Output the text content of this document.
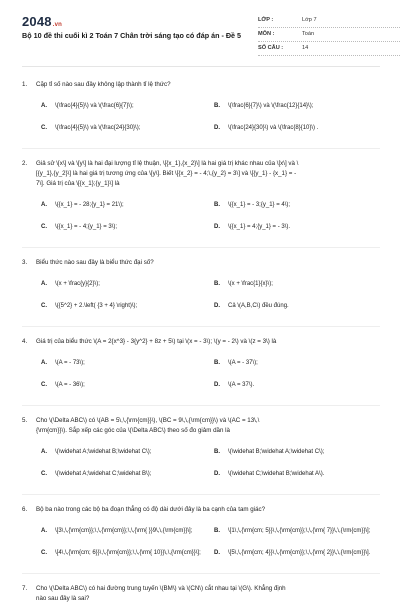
2048.vn
Bộ 10 đề thi cuối kì 2 Toán 7 Chân trời sáng tạo có đáp án - Đề 5
LỚP :	Lớp 7
MÔN :	Toán
SỐ CÂU :	14
1. Cặp tỉ số nào sau đây không lập thành tỉ lệ thức?
A.	\(\frac{4}{5}\) và \(\frac{6}{7}\);	B.	\(\frac{6}{7}\) và \(\frac{12}{14}\);
C.	\(\frac{4}{5}\) và \(\frac{24}{30}\);	D.	\(\frac{24}{30}\) và \(\frac{8}{10}\) .
2. Giả sử \[x\] và \[y\] là hai đại lượng tỉ lệ thuận, \[{x_1},{x_2}\] là hai giá trị khác nhau của \[x\] và \
[{y_1},{y_2}\] là hai giá trị tương ứng của \[y\]. Biết \[{x_2} = - 4;\,{y_2} = 3\] và \[{y_1} - {x_1} = -
7\]. Giá trị của \[{x_1};{y_1}\] là
A.	\({x_1} = - 28;{y_1} = 21\);	B.	\({x_1} = - 3;{y_1} = 4\);
C.	\({x_1} = - 4;{y_1} = 3\);	D.	\({x_1} = 4;{y_1} = - 3\).
3. Biểu thức nào sau đây là biểu thức đại số?
A.	\(x + \frac{y}{2}\);	B.	\(x + \frac{1}{x}\);
C.	\({5^2} + 2.\left( {3 + 4} \right)\);	D.	Cả \(A,B,C\) đều đúng.
4. Giá trị của biểu thức \(A = 2{x^3} - 3{y^2} + 8z + 5\) tại \(x = - 3\); \(y = - 2\) và \(z = 3\) là
A.	\(A = - 73\);	B.	\(A = - 37\);
C.	\(A = - 36\);	D.	\(A = 37\).
5. Cho \(\Delta ABC\) có \(AB = 5\,\,{\rm{cm}}\), \(BC = 9\,\,{\rm{cm}}\) và \(AC = 13\,\
{\rm{cm}}\). Sắp xếp các góc của \(\Delta ABC\) theo số đo giảm dần là
A.	\(\widehat A;\widehat B;\widehat C\);	B.	\(\widehat B;\widehat A;\widehat C\);
C.	\(\widehat A;\widehat C;\widehat B\);	D.	\(\widehat C;\widehat B;\widehat A\).
6. Bộ ba nào trong các bộ ba đoạn thẳng có độ dài dưới đây là ba cạnh của tam giác?
A.	\[3\,\,{\rm{cm}};\,\,{\rm{cm}};\,\,{\rm{ }}9\,\,{\rm{cm}}\];	B.	\[1\,\,{\rm{cm; 5}}\,\,{\rm{cm}};\,\,{\rm{ 7}}\,\,{\rm{cm}}\];
C.	\[4\,\,{\rm{cm; 6}}\,\,{\rm{cm}};\,\,{\rm{ 10}}\,\,{\rm{cm}}\];	D.	\[5\,\,{\rm{cm; 4}}\,\,{\rm{cm}};\,\,{\rm{ 2}}\,\,{\rm{cm}}\].
7. Cho \(\Delta ABC\) có hai đường trung tuyến \(BM\) và \(CN\) cắt nhau tại \(G\). Khẳng định
nào sau đây là sai?
